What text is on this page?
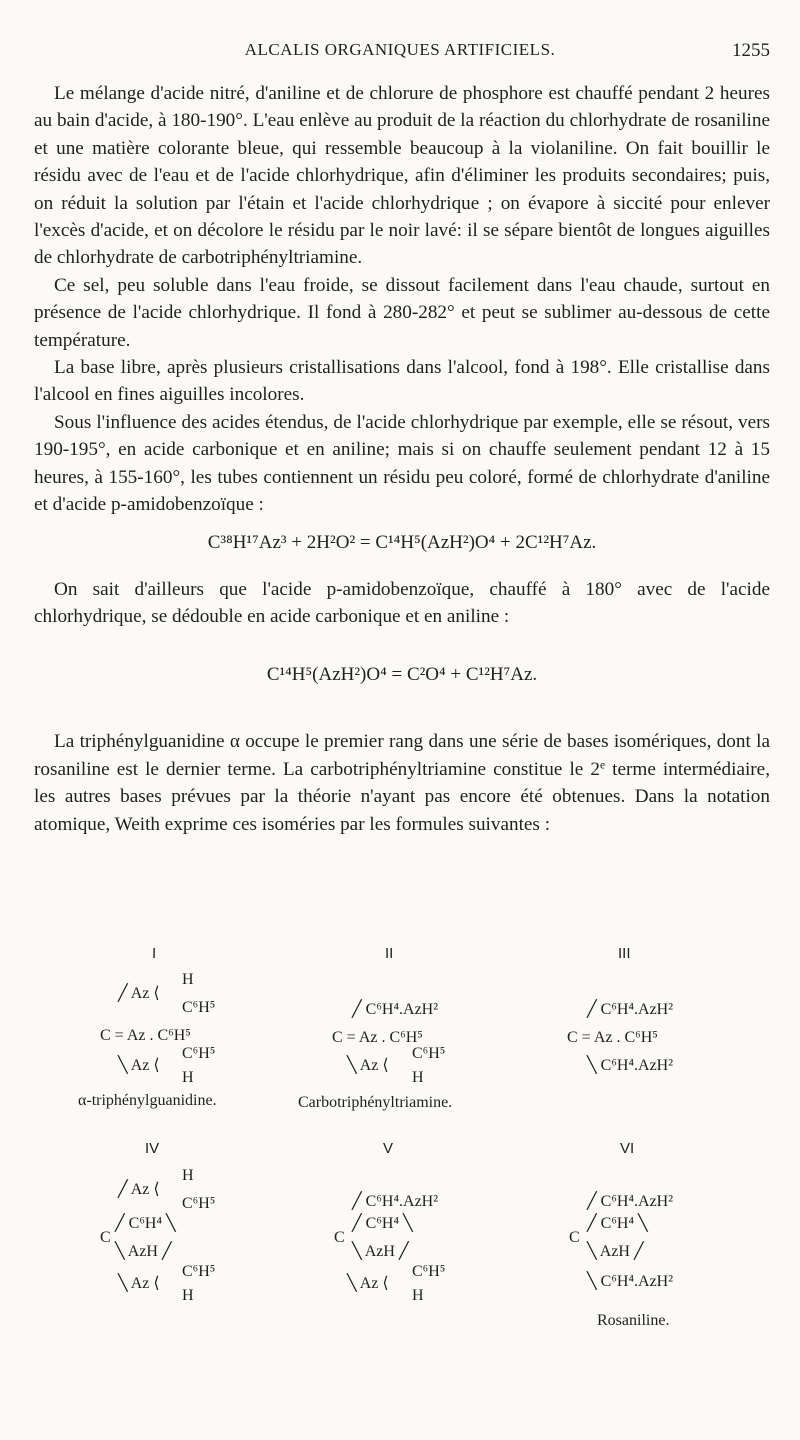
ALCALIS ORGANIQUES ARTIFICIELS.	1255

Le mélange d'acide nitré, d'aniline et de chlorure de phosphore est chauffé pendant 2 heures au bain d'acide, à 180-190°. L'eau enlève au produit de la réaction du chlorhydrate de rosaniline et une matière colorante bleue, qui ressemble beaucoup à la violaniline. On fait bouillir le résidu avec de l'eau et de l'acide chlorhydrique, afin d'éliminer les produits secondaires; puis, on réduit la solution par l'étain et l'acide chlorhydrique ; on évapore à siccité pour enlever l'excès d'acide, et on décolore le résidu par le noir lavé: il se sépare bientôt de longues aiguilles de chlorhydrate de carbotriphényltriamine.

Ce sel, peu soluble dans l'eau froide, se dissout facilement dans l'eau chaude, surtout en présence de l'acide chlorhydrique. Il fond à 280-282° et peut se sublimer au-dessous de cette température.

La base libre, après plusieurs cristallisations dans l'alcool, fond à 198°. Elle cristallise dans l'alcool en fines aiguilles incolores.

Sous l'influence des acides étendus, de l'acide chlorhydrique par exemple, elle se résout, vers 190-195°, en acide carbonique et en aniline; mais si on chauffe seulement pendant 12 à 15 heures, à 155-160°, les tubes contiennent un résidu peu coloré, formé de chlorhydrate d'aniline et d'acide p-amidobenzoïque :

C³⁸H¹⁷Az³ + 2H²O² = C¹⁴H⁵(AzH²)O⁴ + 2C¹²H⁷Az.

On sait d'ailleurs que l'acide p-amidobenzoïque, chauffé à 180° avec de l'acide chlorhydrique, se dédouble en acide carbonique et en aniline :

C¹⁴H⁵(AzH²)O⁴ = C²O⁴ + C¹²H⁷Az.

La triphénylguanidine α occupe le premier rang dans une série de bases isomériques, dont la rosaniline est le dernier terme. La carbotriphényltriamine constitue le 2e terme intermédiaire, les autres bases prévues par la théorie n'ayant pas encore été obtenues. Dans la notation atomique, Weith exprime ces isoméries par les formules suivantes :

I	II	III
IV	V	VI
H
╱ Az ⟨
C⁶H⁵
C = Az . C⁶H⁵
╲ Az ⟨
C⁶H⁵
H
α-triphénylguanidine.
╱ C⁶H⁴.AzH²
C = Az . C⁶H⁵
╲ Az ⟨
C⁶H⁵
H
Carbotriphényltriamine.
╱ C⁶H⁴.AzH²
C = Az . C⁶H⁵
╲ C⁶H⁴.AzH²
H
╱ Az ⟨
C⁶H⁵
╱ C⁶H⁴ ╲
C
╲ AzH ╱
╲ Az ⟨
C⁶H⁵
H
╱ C⁶H⁴.AzH²
╱ C⁶H⁴ ╲
C
╲ AzH ╱
╲ Az ⟨
C⁶H⁵
H
╱ C⁶H⁴.AzH²
╱ C⁶H⁴ ╲
C
╲ AzH ╱
╲ C⁶H⁴.AzH²
Rosaniline.
